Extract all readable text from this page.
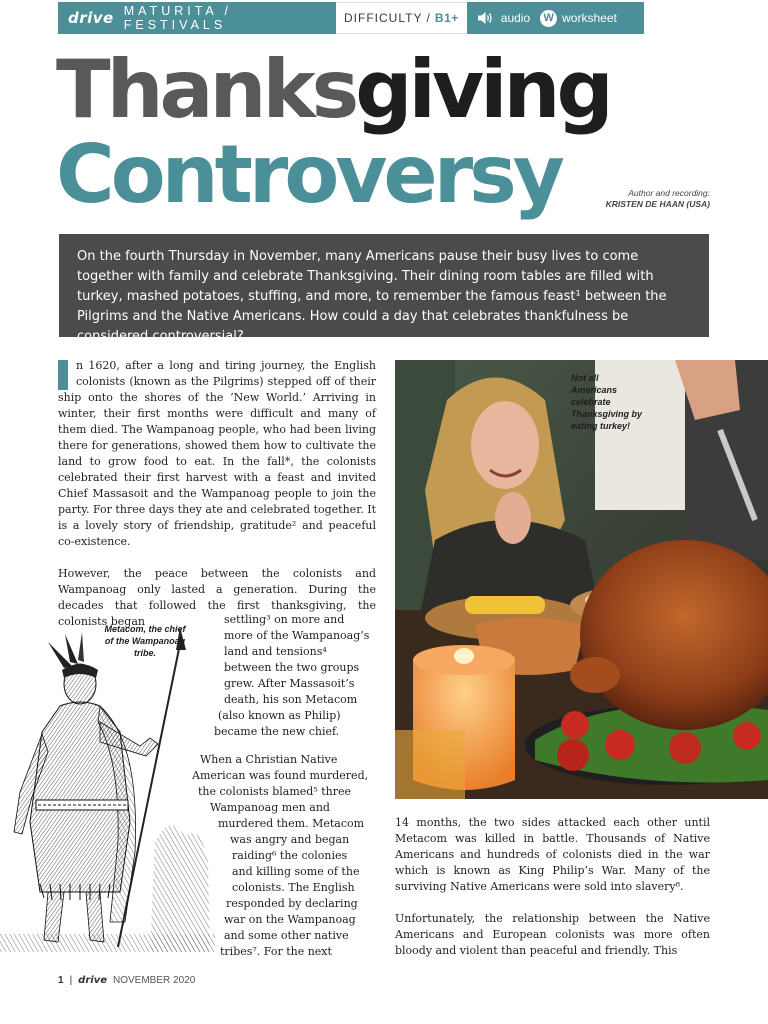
drive MATURITA / FESTIVALS	DIFFICULTY / B1+	audio W worksheet
Thanksgiving
Controversy	Author and recording:
KRISTEN DE HAAN (USA)
On the fourth Thursday in November, many Americans pause their busy lives to come together with family and celebrate Thanksgiving. Their dining room tables are filled with turkey, mashed potatoes, stuffing, and more, to remember the famous feast¹ between the Pilgrims and the Native Americans. How could a day that celebrates thankfulness be considered controversial?

n 1620, after a long and tiring journey, the English colonists (known as the Pilgrims) stepped off of their ship onto the shores of the ‘New World.’ Arriving in winter, their first months were difficult and many of them died. The Wampanoag people, who had been living there for generations, showed them how to cultivate the land to grow food to eat. In the fall*, the colonists celebrated their first harvest with a feast and invited Chief Massasoit and the Wampanoag people to join the party. For three days they ate and celebrated together. It is a lovely story of friendship, gratitude² and peaceful co-existence.

However, the peace between the colonists and Wampanoag only lasted a generation. During the decades that followed the first thanksgiving, the colonists began	settling³ on more and
more of the Wampanoag’s
land and tensions⁴
between the two groups
grew. After Massasoit’s
death, his son Metacom
(also known as Philip)
became the new chief.
When a Christian Native
American was found murdered,
the colonists blamed⁵ three
Wampanoag men and
murdered them. Metacom
was angry and began
raiding⁶ the colonies
and killing some of the
colonists. The English
responded by declaring
war on the Wampanoag
and some other native
tribes⁷. For the next
Metacom, the chief of the Wampanoag tribe.
Not all Americans celebrate Thanksgiving by eating turkey!

14 months, the two sides attacked each other until Metacom was killed in battle. Thousands of Native Americans and hundreds of colonists died in the war which is known as King Philip’s War. Many of the surviving Native Americans were sold into slavery⁸.

Unfortunately, the relationship between the Native Americans and European colonists was more often bloody and violent than peaceful and friendly. This

1 | drive NOVEMBER 2020
